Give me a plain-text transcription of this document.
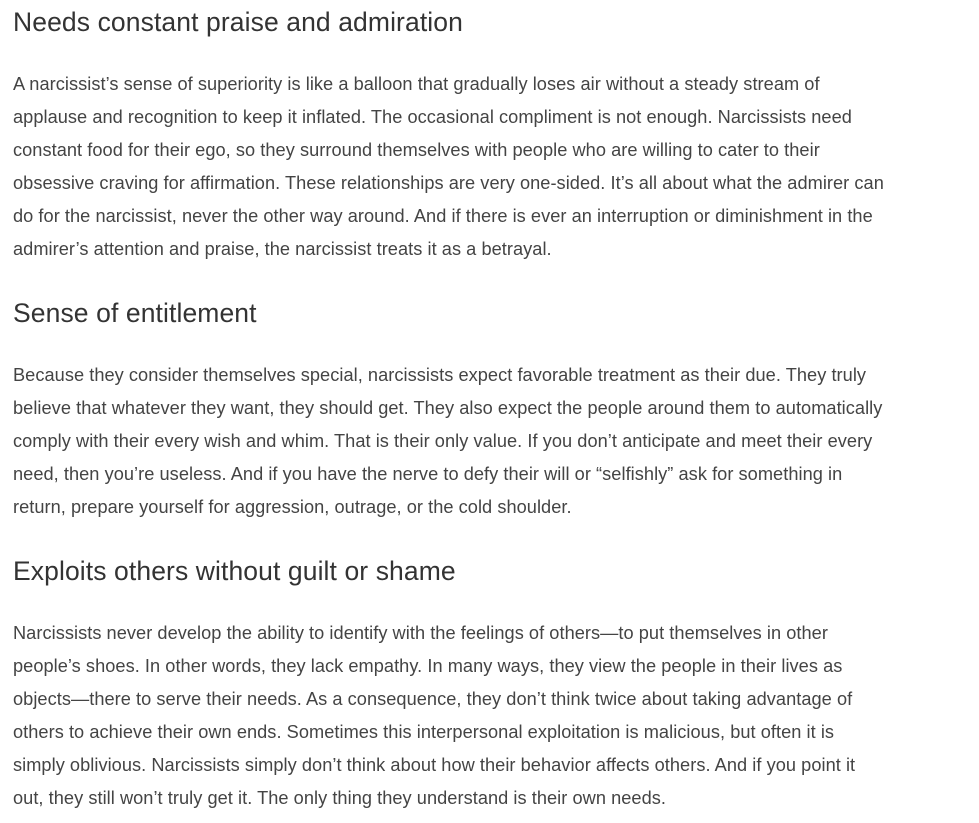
Needs constant praise and admiration
A narcissist’s sense of superiority is like a balloon that gradually loses air without a steady stream of
applause and recognition to keep it inflated. The occasional compliment is not enough. Narcissists need
constant food for their ego, so they surround themselves with people who are willing to cater to their
obsessive craving for affirmation. These relationships are very one-sided. It’s all about what the admirer can
do for the narcissist, never the other way around. And if there is ever an interruption or diminishment in the
admirer’s attention and praise, the narcissist treats it as a betrayal.
Sense of entitlement
Because they consider themselves special, narcissists expect favorable treatment as their due. They truly
believe that whatever they want, they should get. They also expect the people around them to automatically
comply with their every wish and whim. That is their only value. If you don’t anticipate and meet their every
need, then you’re useless. And if you have the nerve to defy their will or “selfishly” ask for something in
return, prepare yourself for aggression, outrage, or the cold shoulder.
Exploits others without guilt or shame
Narcissists never develop the ability to identify with the feelings of others—to put themselves in other
people’s shoes. In other words, they lack empathy. In many ways, they view the people in their lives as
objects—there to serve their needs. As a consequence, they don’t think twice about taking advantage of
others to achieve their own ends. Sometimes this interpersonal exploitation is malicious, but often it is
simply oblivious. Narcissists simply don’t think about how their behavior affects others. And if you point it
out, they still won’t truly get it. The only thing they understand is their own needs.
